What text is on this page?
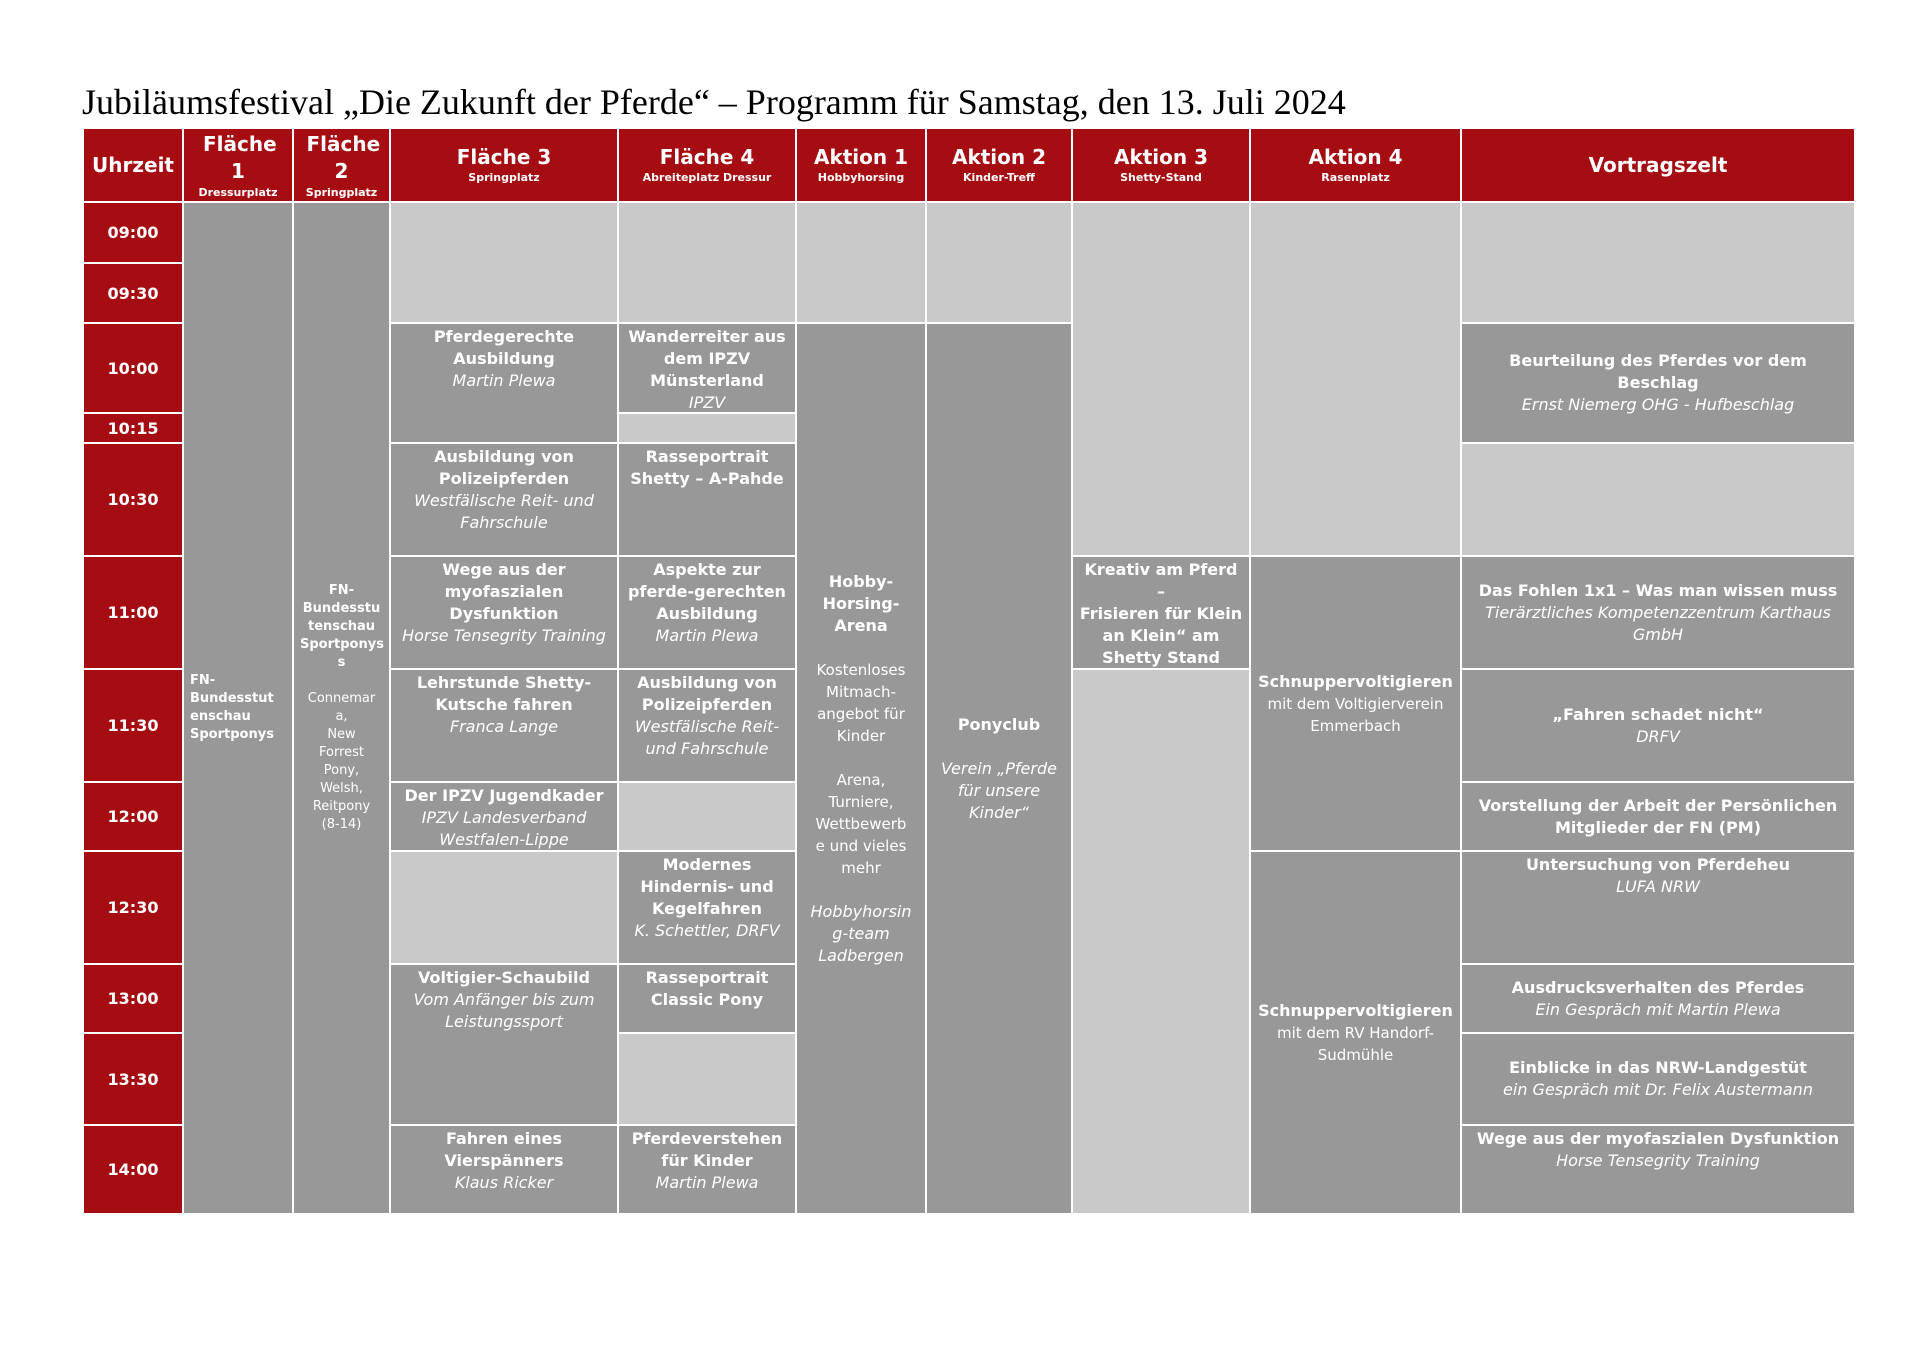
Jubiläumsfestival „Die Zukunft der Pferde“ – Programm für Samstag, den 13. Juli 2024
Uhrzeit
Fläche 1
Dressurplatz
Fläche 2
Springplatz
Fläche 3
Springplatz
Fläche 4
Abreiteplatz Dressur
Aktion 1
Hobbyhorsing
Aktion 2
Kinder-Treff
Aktion 3
Shetty-Stand
Aktion 4
Rasenplatz
Vortragszelt
09:00
09:30
10:00
10:15
10:30
11:00
11:30
12:00
12:30
13:00
13:30
14:00
FN-
Bundesstut
enschau
Sportponys
FN-
Bundesstu
tenschau
Sportponys
s

Connemar
a,
New
Forrest
Pony,
Welsh,
Reitpony
(8-14)
Pferdegerechte
Ausbildung
Martin Plewa
Ausbildung von
Polizeipferden
Westfälische Reit- und
Fahrschule
Wege aus der
myofaszialen
Dysfunktion
Horse Tensegrity Training
Lehrstunde Shetty-
Kutsche fahren
Franca Lange
Der IPZV Jugendkader
IPZV Landesverband
Westfalen-Lippe
Voltigier-Schaubild
Vom Anfänger bis zum
Leistungssport
Fahren eines
Vierspänners
Klaus Ricker
Wanderreiter aus
dem IPZV
Münsterland
IPZV
Rasseportrait
Shetty – A-Pahde
Aspekte zur
pferde-gerechten
Ausbildung
Martin Plewa
Ausbildung von
Polizeipferden
Westfälische Reit-
und Fahrschule
Modernes
Hindernis- und
Kegelfahren
K. Schettler, DRFV
Rasseportrait
Classic Pony
Pferdeverstehen
für Kinder
Martin Plewa
Hobby-
Horsing-
Arena

Kostenloses
Mitmach-
angebot für
Kinder

Arena,
Turniere,
Wettbewerb
e und vieles
mehr

Hobbyhorsin
g-team
Ladbergen
Ponyclub

Verein „Pferde
für unsere
Kinder“
Kreativ am Pferd –
Frisieren für Klein
an Klein“ am
Shetty Stand
Schnuppervoltigieren
mit dem Voltigierverein
Emmerbach
Schnuppervoltigieren
mit dem RV Handorf-
Sudmühle
Beurteilung des Pferdes vor dem Beschlag
Ernst Niemerg OHG - Hufbeschlag
Das Fohlen 1x1 – Was man wissen muss
Tierärztliches Kompetenzzentrum Karthaus
GmbH
„Fahren schadet nicht“
DRFV
Vorstellung der Arbeit der Persönlichen
Mitglieder der FN (PM)
Untersuchung von Pferdeheu
LUFA NRW
Ausdrucksverhalten des Pferdes
Ein Gespräch mit Martin Plewa
Einblicke in das NRW-Landgestüt
ein Gespräch mit Dr. Felix Austermann
Wege aus der myofaszialen Dysfunktion
Horse Tensegrity Training
